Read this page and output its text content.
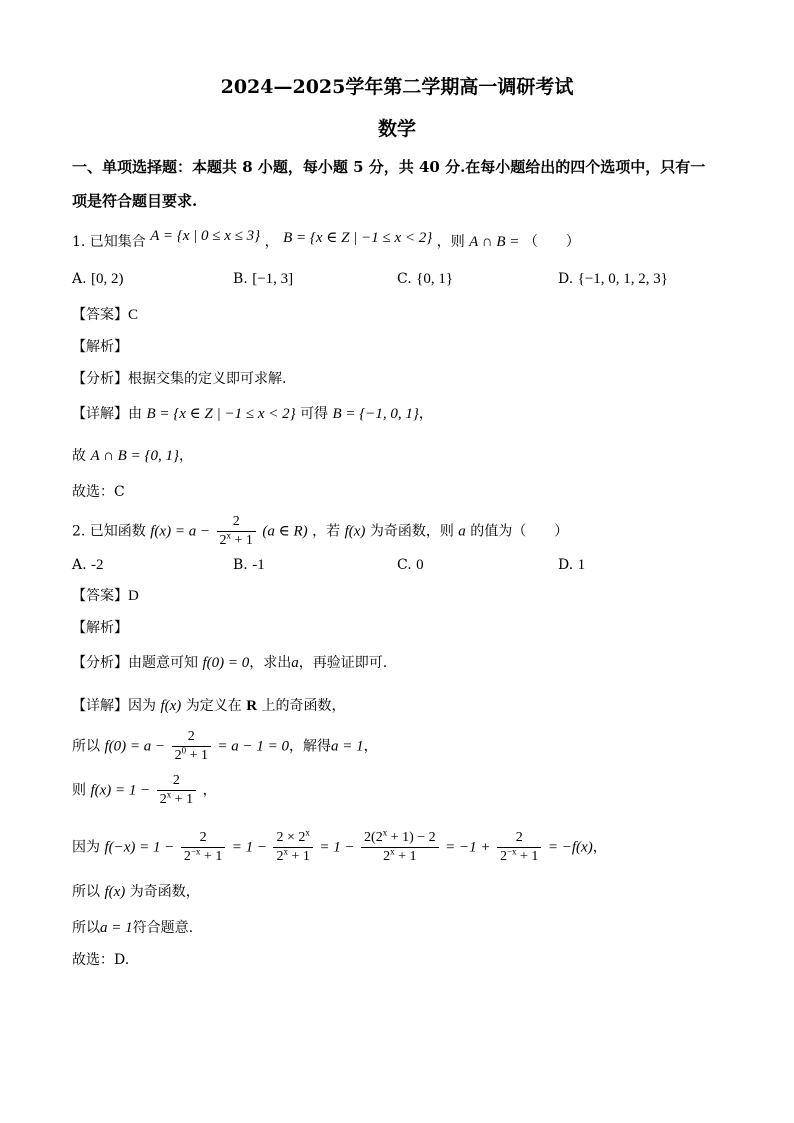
2024—2025学年第二学期高一调研考试
数学
一、单项选择题：本题共 8 小题，每小题 5 分，共 40 分.在每小题给出的四个选项中，只有一
项是符合题目要求.
1. 已知集合 A = {x | 0 ≤ x ≤ 3} ， B = {x ∈ Z | −1 ≤ x < 2} ，则 A ∩ B = （　　）
A. [0, 2)	B. [−1, 3]	C. {0, 1}	D. {−1, 0, 1, 2, 3}
【答案】C
【解析】
【分析】根据交集的定义即可求解.
【详解】由 B = {x ∈ Z | −1 ≤ x < 2} 可得 B = {−1, 0, 1}，
故 A ∩ B = {0, 1}，
故选：C
2. 已知函数 $f(x) = a - \frac{2}{2^x + 1} (a$ ∈ R) ，若 f(x) 为奇函数，则 a 的值为（　　）
A. -2	B. -1	C. 0	D. 1
【答案】D
【解析】
【分析】由题意可知 f(0) = 0，求出a，再验证即可.
【详解】因为 f(x) 为定义在 R 上的奇函数，
所以 $f(0) = a - \frac{2}{2^0 + 1} = a - 1 = 0$，解得a = 1，
则 $f(x) = 1 - \frac{2}{2^x + 1}$ ，
因为 $f(-x) = 1 - \frac{2}{2^{-x} + 1} = 1 - \frac{2 \times 2^x}{2^x + 1} = 1 - \frac{2(2^x + 1) - 2}{2^x + 1} = -1 + \frac{2}{2^{-x} + 1} = -f(x)$，
所以 f(x) 为奇函数，
所以a = 1符合题意.
故选：D.
